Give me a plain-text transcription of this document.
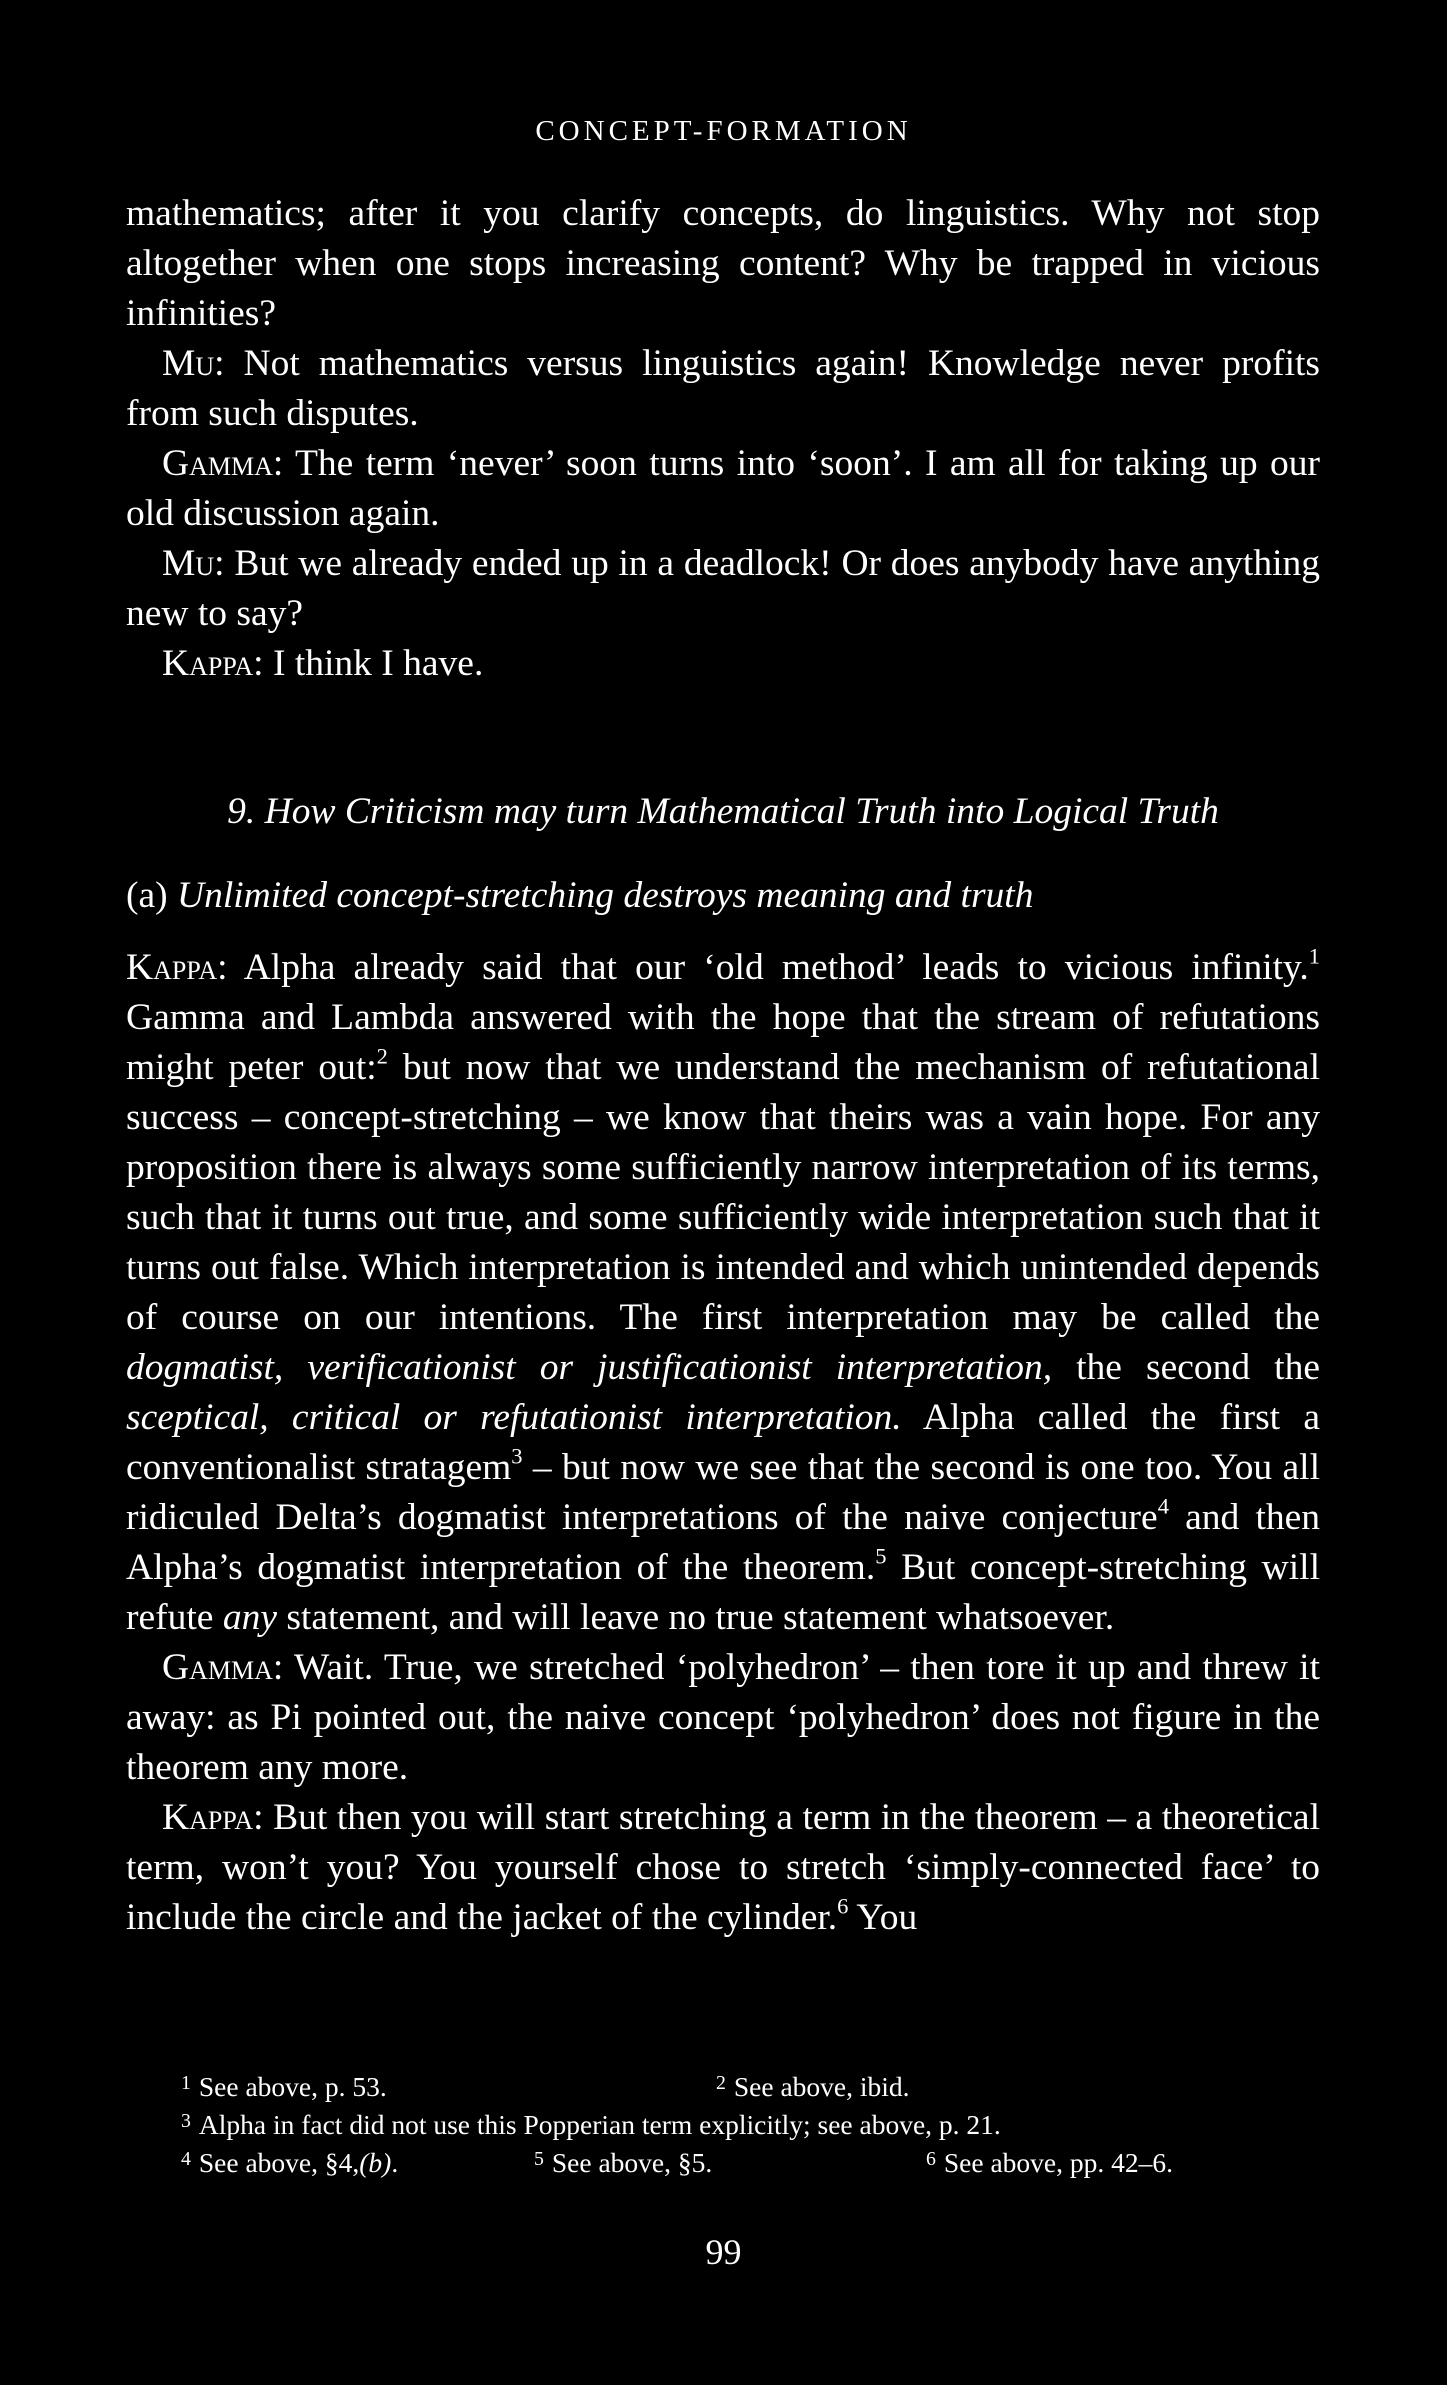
CONCEPT-FORMATION

mathematics; after it you clarify concepts, do linguistics. Why not stop altogether when one stops increasing content? Why be trapped in vicious infinities?

Mu: Not mathematics versus linguistics again! Knowledge never profits from such disputes.

Gamma: The term ‘never’ soon turns into ‘soon’. I am all for taking up our old discussion again.

Mu: But we already ended up in a deadlock! Or does anybody have anything new to say?

Kappa: I think I have.

9. How Criticism may turn Mathematical Truth into Logical Truth
(a) Unlimited concept-stretching destroys meaning and truth

Kappa: Alpha already said that our ‘old method’ leads to vicious infinity.$^1$ Gamma and Lambda answered with the hope that the stream of refutations might peter out:$^2$ but now that we understand the mechanism of refutational success – concept-stretching – we know that theirs was a vain hope. For any proposition there is always some sufficiently narrow interpretation of its terms, such that it turns out true, and some sufficiently wide interpretation such that it turns out false. Which interpretation is intended and which unintended depends of course on our intentions. The first interpretation may be called the dogmatist, verificationist or justificationist interpretation, the second the sceptical, critical or refutationist interpretation. Alpha called the first a conventionalist stratagem$^3$ – but now we see that the second is one too. You all ridiculed Delta’s dogmatist interpretations of the naive conjecture$^4$ and then Alpha’s dogmatist interpretation of the theorem.$^5$ But concept-stretching will refute any statement, and will leave no true statement whatsoever.

Gamma: Wait. True, we stretched ‘polyhedron’ – then tore it up and threw it away: as Pi pointed out, the naive concept ‘polyhedron’ does not figure in the theorem any more.

Kappa: But then you will start stretching a term in the theorem – a theoretical term, won’t you? You yourself chose to stretch ‘simply-connected face’ to include the circle and the jacket of the cylinder.$^6$ You

$^1$ See above, p. 53.	$^2$ See above, ibid.
$^3$ Alpha in fact did not use this Popperian term explicitly; see above, p. 21.
$^4$ See above, §4,(b).	$^5$ See above, §5.	$^6$ See above, pp. 42–6.
99
